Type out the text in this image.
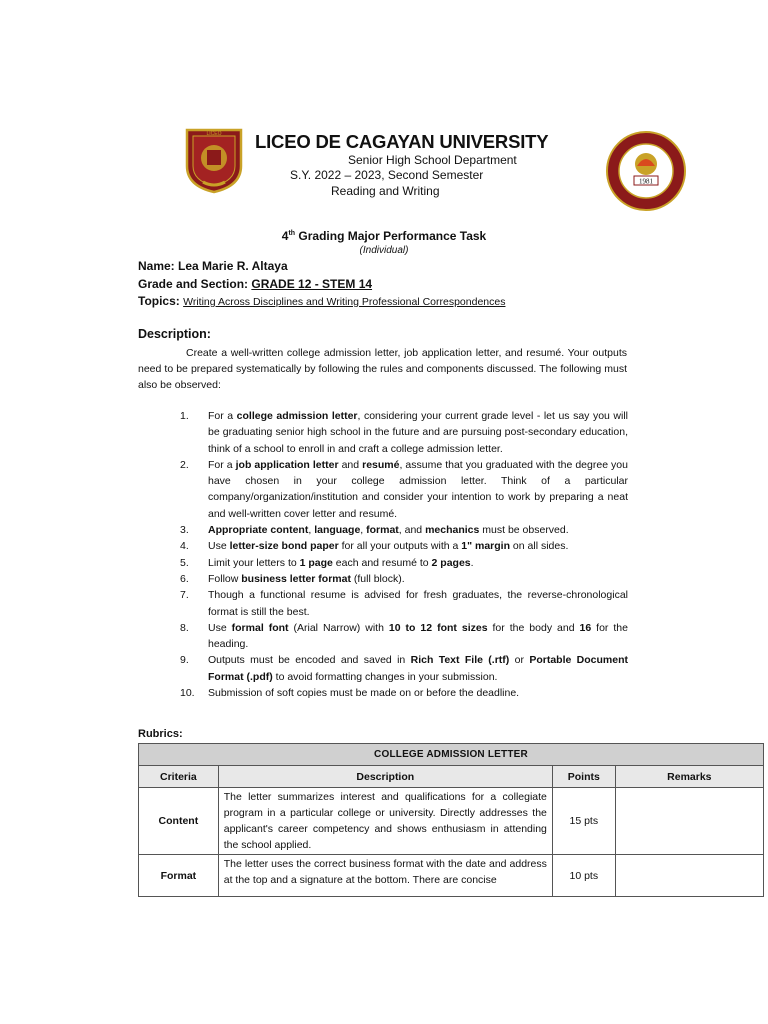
LICEO
1981
LICEO DE CAGAYAN UNIVERSITY
Senior High School Department
S.Y. 2022 – 2023, Second Semester
Reading and Writing
4th Grading Major Performance Task
(Individual)
Name: Lea Marie R. Altaya
Grade and Section: GRADE 12 - STEM 14
Topics: Writing Across Disciplines and Writing Professional Correspondences
Description:
Create a well-written college admission letter, job application letter, and resumé. Your outputs need to be prepared systematically by following the rules and components discussed. The following must also be observed:
1.	For a college admission letter, considering your current grade level - let us say you will be graduating senior high school in the future and are pursuing post-secondary education, think of a school to enroll in and craft a college admission letter.
2.	For a job application letter and resumé, assume that you graduated with the degree you have chosen in your college admission letter. Think of a particular company/organization/institution and consider your intention to work by preparing a neat and well-written cover letter and resumé.
3.	Appropriate content, language, format, and mechanics must be observed.
4.	Use letter-size bond paper for all your outputs with a 1" margin on all sides.
5.	Limit your letters to 1 page each and resumé to 2 pages.
6.	Follow business letter format (full block).
7.	Though a functional resume is advised for fresh graduates, the reverse-chronological format is still the best.
8.	Use formal font (Arial Narrow) with 10 to 12 font sizes for the body and 16 for the heading.
9.	Outputs must be encoded and saved in Rich Text File (.rtf) or Portable Document Format (.pdf) to avoid formatting changes in your submission.
10.	Submission of soft copies must be made on or before the deadline.
Rubrics:
COLLEGE ADMISSION LETTER			
Criteria	Description	Points	Remarks
Content	The letter summarizes interest and qualifications for a collegiate program in a particular college or university. Directly addresses the applicant's career competency and shows enthusiasm in attending the school applied.	15 pts	
Format	The letter uses the correct business format with the date and address at the top and a signature at the bottom. There are concise	10 pts	
